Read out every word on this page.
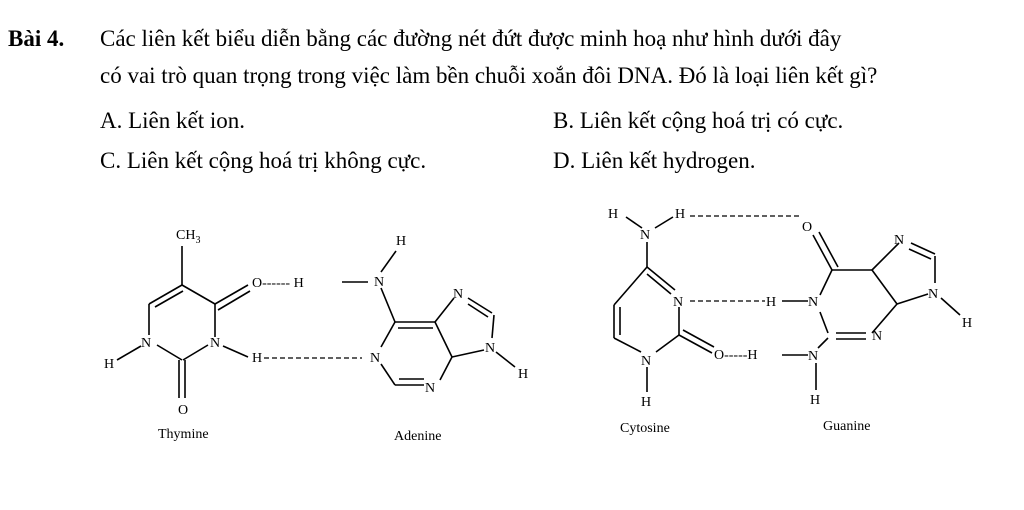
Bài 4. Các liên kết biểu diễn bằng các đường nét đứt được minh hoạ như hình dưới đây
có vai trò quan trọng trong việc làm bền chuỗi xoắn đôi DNA. Đó là loại liên kết gì?
A. Liên kết ion.	B. Liên kết cộng hoá trị có cực.
C. Liên kết cộng hoá trị không cực.	D. Liên kết hydrogen.
$CH_3$
N	N
H
O
O------ H
H
Thymine
H
N
N
N
N
N
H
Adenine
H
N
H
N
N
H
O-----H
Cytosine
O
N
N
H
N
N
N
H
H
Guanine
